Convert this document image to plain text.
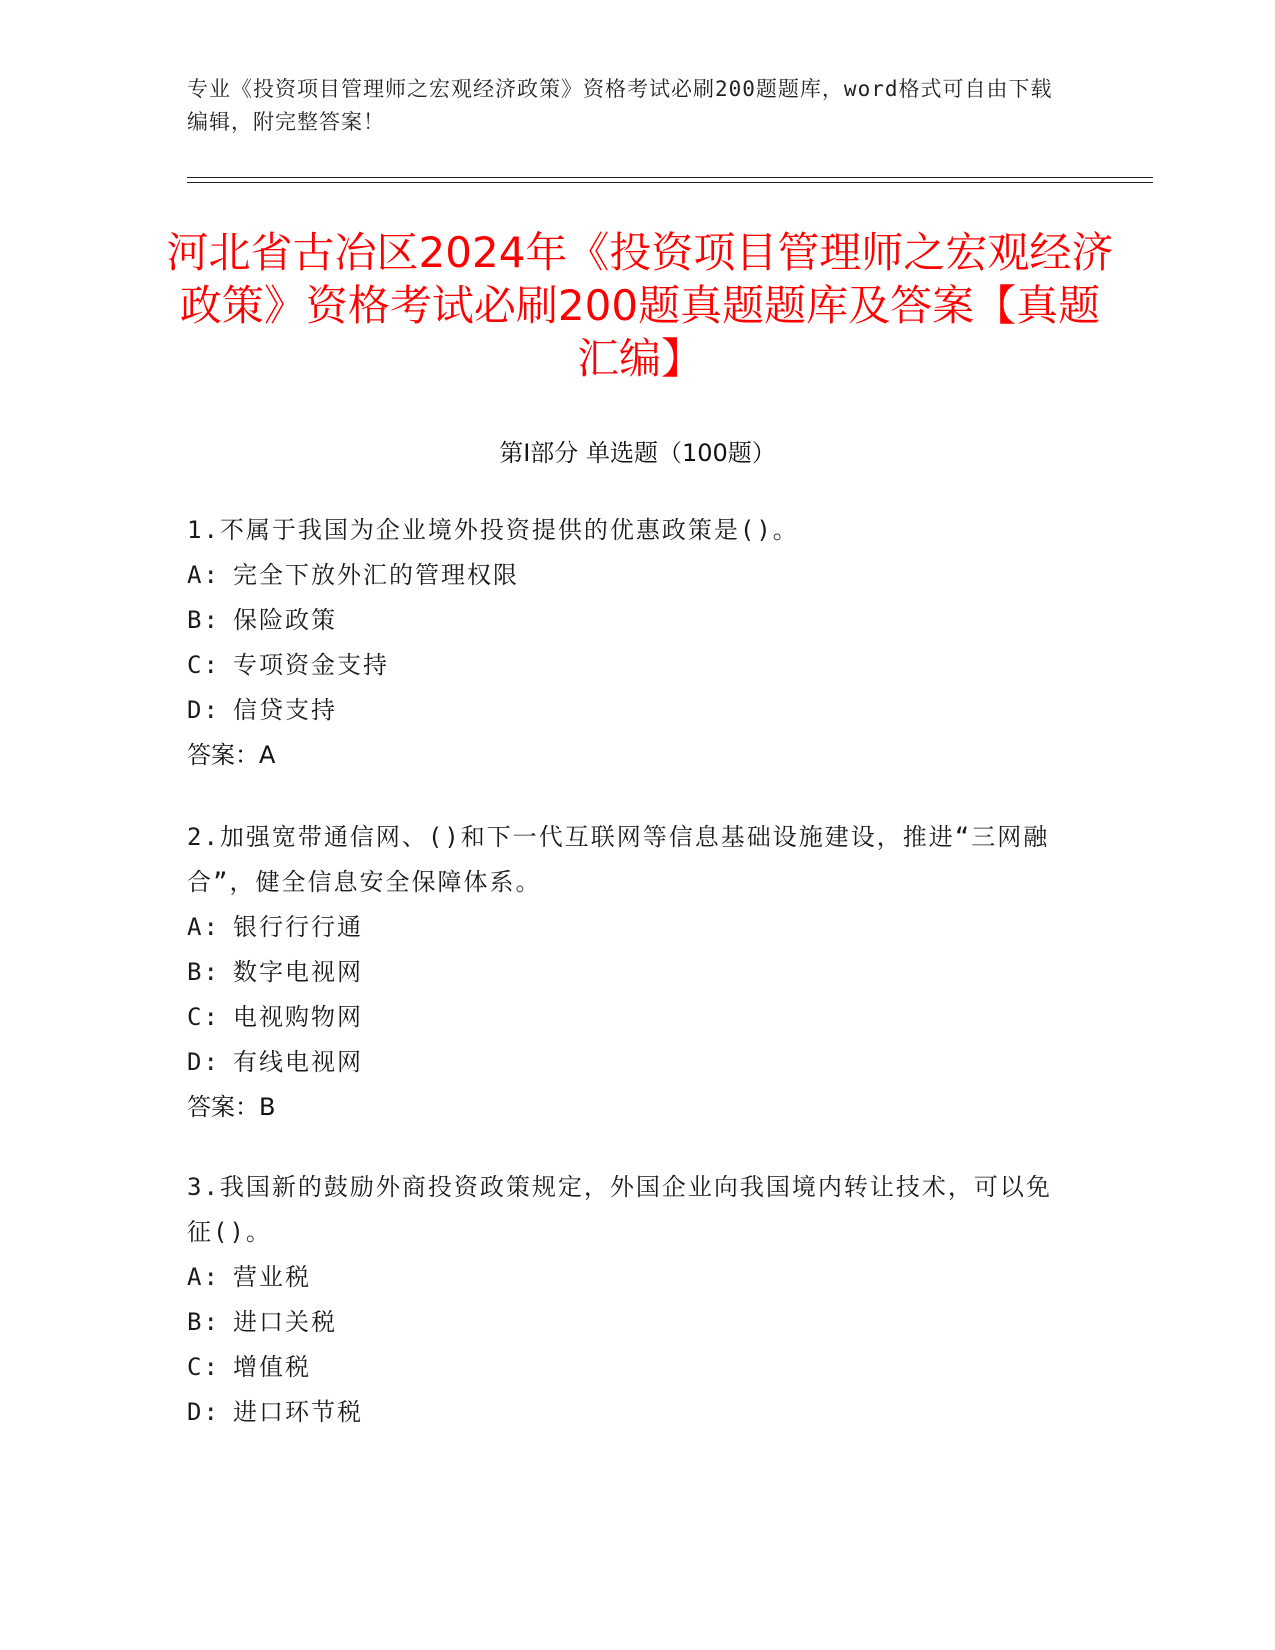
专业《投资项目管理师之宏观经济政策》资格考试必刷200题题库，word格式可自由下载编辑，附完整答案！
河北省古冶区2024年《投资项目管理师之宏观经济政策》资格考试必刷200题真题题库及答案【真题汇编】
第I部分 单选题（100题）
1.不属于我国为企业境外投资提供的优惠政策是()。
A: 完全下放外汇的管理权限
B: 保险政策
C: 专项资金支持
D: 信贷支持
答案：A
2.加强宽带通信网、()和下一代互联网等信息基础设施建设，推进“三网融合”，健全信息安全保障体系。
A: 银行行行通
B: 数字电视网
C: 电视购物网
D: 有线电视网
答案：B
3.我国新的鼓励外商投资政策规定，外国企业向我国境内转让技术，可以免征()。
A: 营业税
B: 进口关税
C: 增值税
D: 进口环节税
